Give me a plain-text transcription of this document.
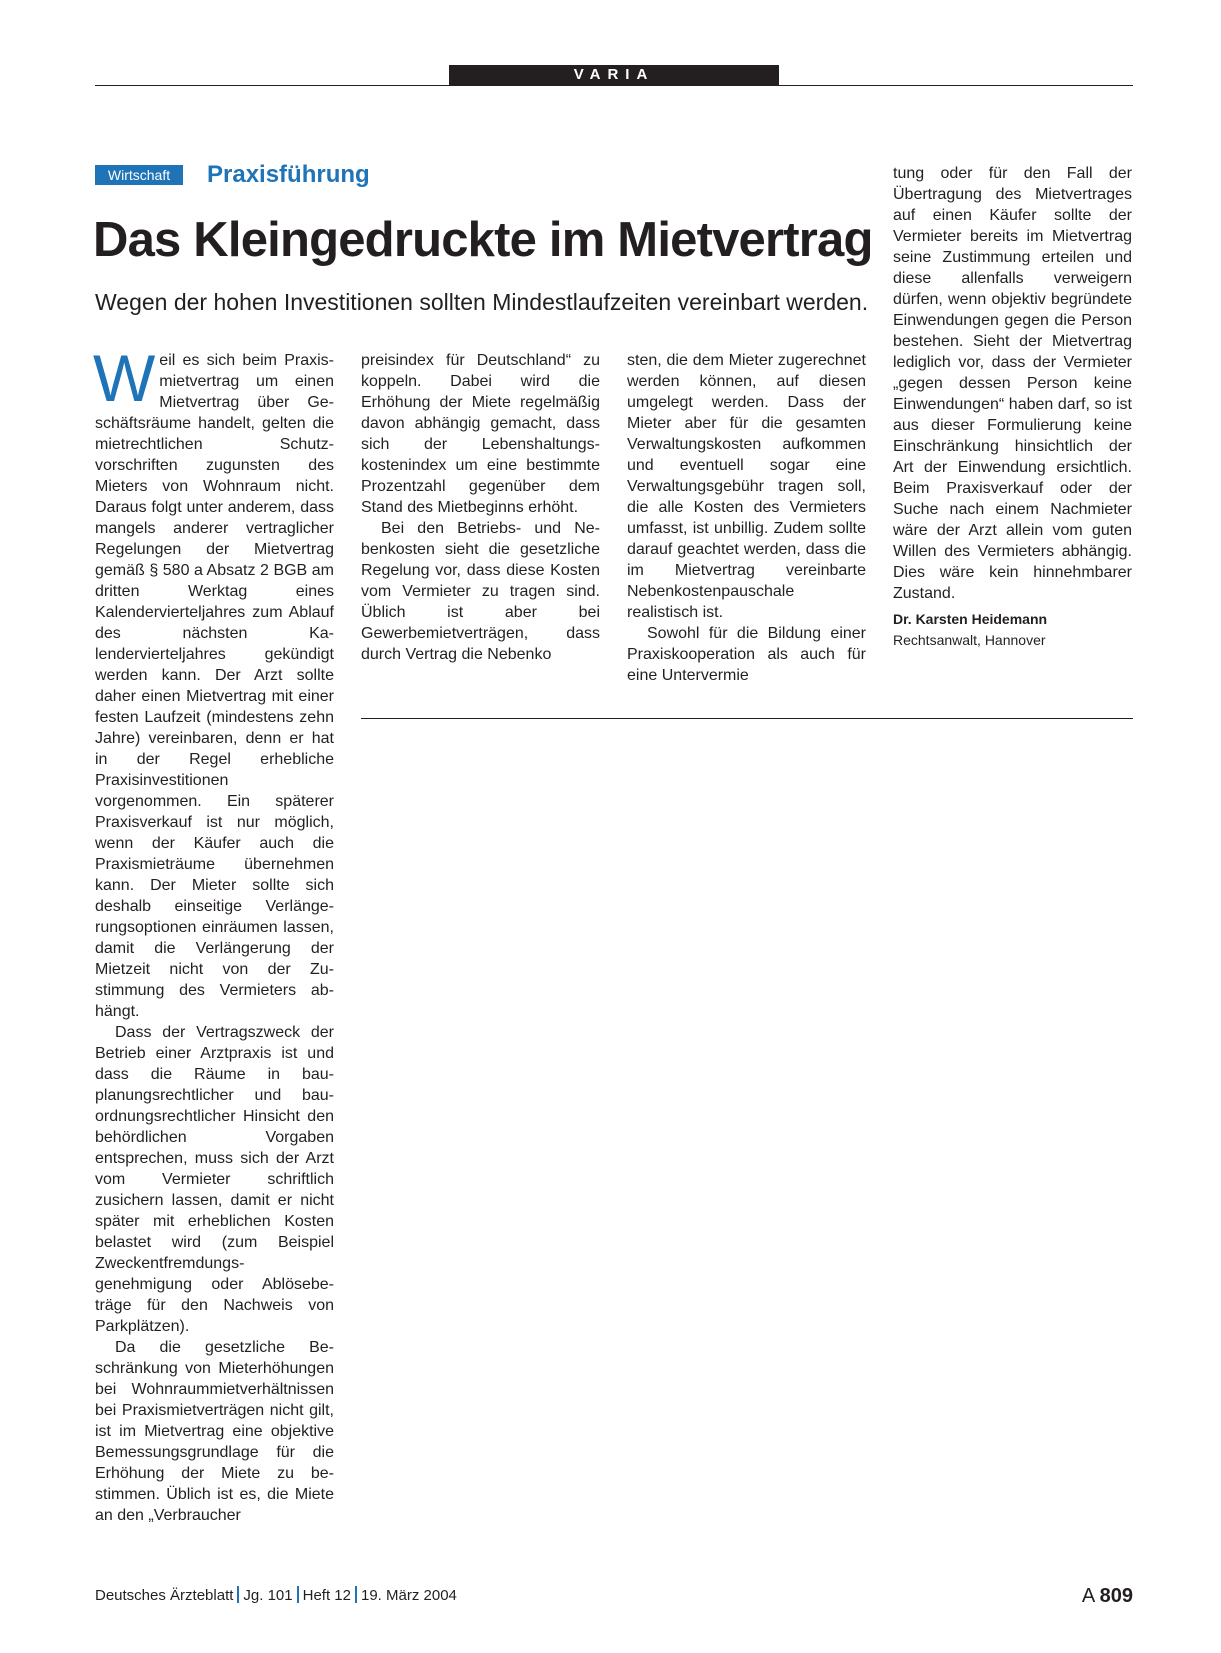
VARIA
Wirtschaft	Praxisführung
Das Kleingedruckte im Mietvertrag
Wegen der hohen Investitionen sollten Mindestlaufzeiten vereinbart werden.

Weil es sich beim Praxismietvertrag um einen Mietvertrag über Geschäftsräume handelt, gelten die mietrechtlichen Schutzvorschriften zugunsten des Mieters von Wohnraum nicht. Daraus folgt unter anderem, dass mangels anderer vertraglicher Regelungen der Mietvertrag gemäß § 580 a Absatz 2 BGB am dritten Werktag eines Kalendervierteljahres zum Ablauf des nächsten Kalendervierteljahres gekündigt werden kann. Der Arzt sollte daher einen Mietvertrag mit einer festen Laufzeit (mindestens zehn Jahre) vereinbaren, denn er hat in der Regel erhebliche Praxisinvestitionen vorgenommen. Ein späterer Praxisverkauf ist nur möglich, wenn der Käufer auch die Praxismieträume übernehmen kann. Der Mieter sollte sich deshalb einseitige Verlängerungsoptionen einräumen lassen, damit die Verlängerung der Mietzeit nicht von der Zustimmung des Vermieters abhängt.

Dass der Vertragszweck der Betrieb einer Arztpraxis ist und dass die Räume in bauplanungsrechtlicher und bauordnungsrechtlicher Hinsicht den behördlichen Vorgaben entsprechen, muss sich der Arzt vom Vermieter schriftlich zusichern lassen, damit er nicht später mit erheblichen Kosten belastet wird (zum Beispiel Zweckentfremdungsgenehmigung oder Ablösebeträge für den Nachweis von Parkplätzen).

Da die gesetzliche Beschränkung von Mieterhöhungen bei Wohnraummietverhältnissen bei Praxismietverträgen nicht gilt, ist im Mietvertrag eine objektive Bemessungsgrundlage für die Erhöhung der Miete zu bestimmen. Üblich ist es, die Miete an den „Verbraucher

preisindex für Deutschland“ zu koppeln. Dabei wird die Erhöhung der Miete regelmäßig davon abhängig gemacht, dass sich der Lebenshaltungskostenindex um eine bestimmte Prozentzahl gegenüber dem Stand des Mietbeginns erhöht.

Bei den Betriebs- und Nebenkosten sieht die gesetzliche Regelung vor, dass diese Kosten vom Vermieter zu tragen sind. Üblich ist aber bei Gewerbemietverträgen, dass durch Vertrag die Nebenko

sten, die dem Mieter zugerechnet werden können, auf diesen umgelegt werden. Dass der Mieter aber für die gesamten Verwaltungskosten aufkommen und eventuell sogar eine Verwaltungsgebühr tragen soll, die alle Kosten des Vermieters umfasst, ist unbillig. Zudem sollte darauf geachtet werden, dass die im Mietvertrag vereinbarte Nebenkostenpauschale realistisch ist.

Sowohl für die Bildung einer Praxiskooperation als auch für eine Untervermie

tung oder für den Fall der Übertragung des Mietvertrages auf einen Käufer sollte der Vermieter bereits im Mietvertrag seine Zustimmung erteilen und diese allenfalls verweigern dürfen, wenn objektiv begründete Einwendungen gegen die Person bestehen. Sieht der Mietvertrag lediglich vor, dass der Vermieter „gegen dessen Person keine Einwendungen“ haben darf, so ist aus dieser Formulierung keine Einschränkung hinsichtlich der Art der Einwendung ersichtlich. Beim Praxisverkauf oder der Suche nach einem Nachmieter wäre der Arzt allein vom guten Willen des Vermieters abhängig. Dies wäre kein hinnehmbarer Zustand.

Dr. Karsten Heidemann

Rechtsanwalt, Hannover

Deutsches Ärzteblatt Jg. 101 Heft 12 19. März 2004	A 809
